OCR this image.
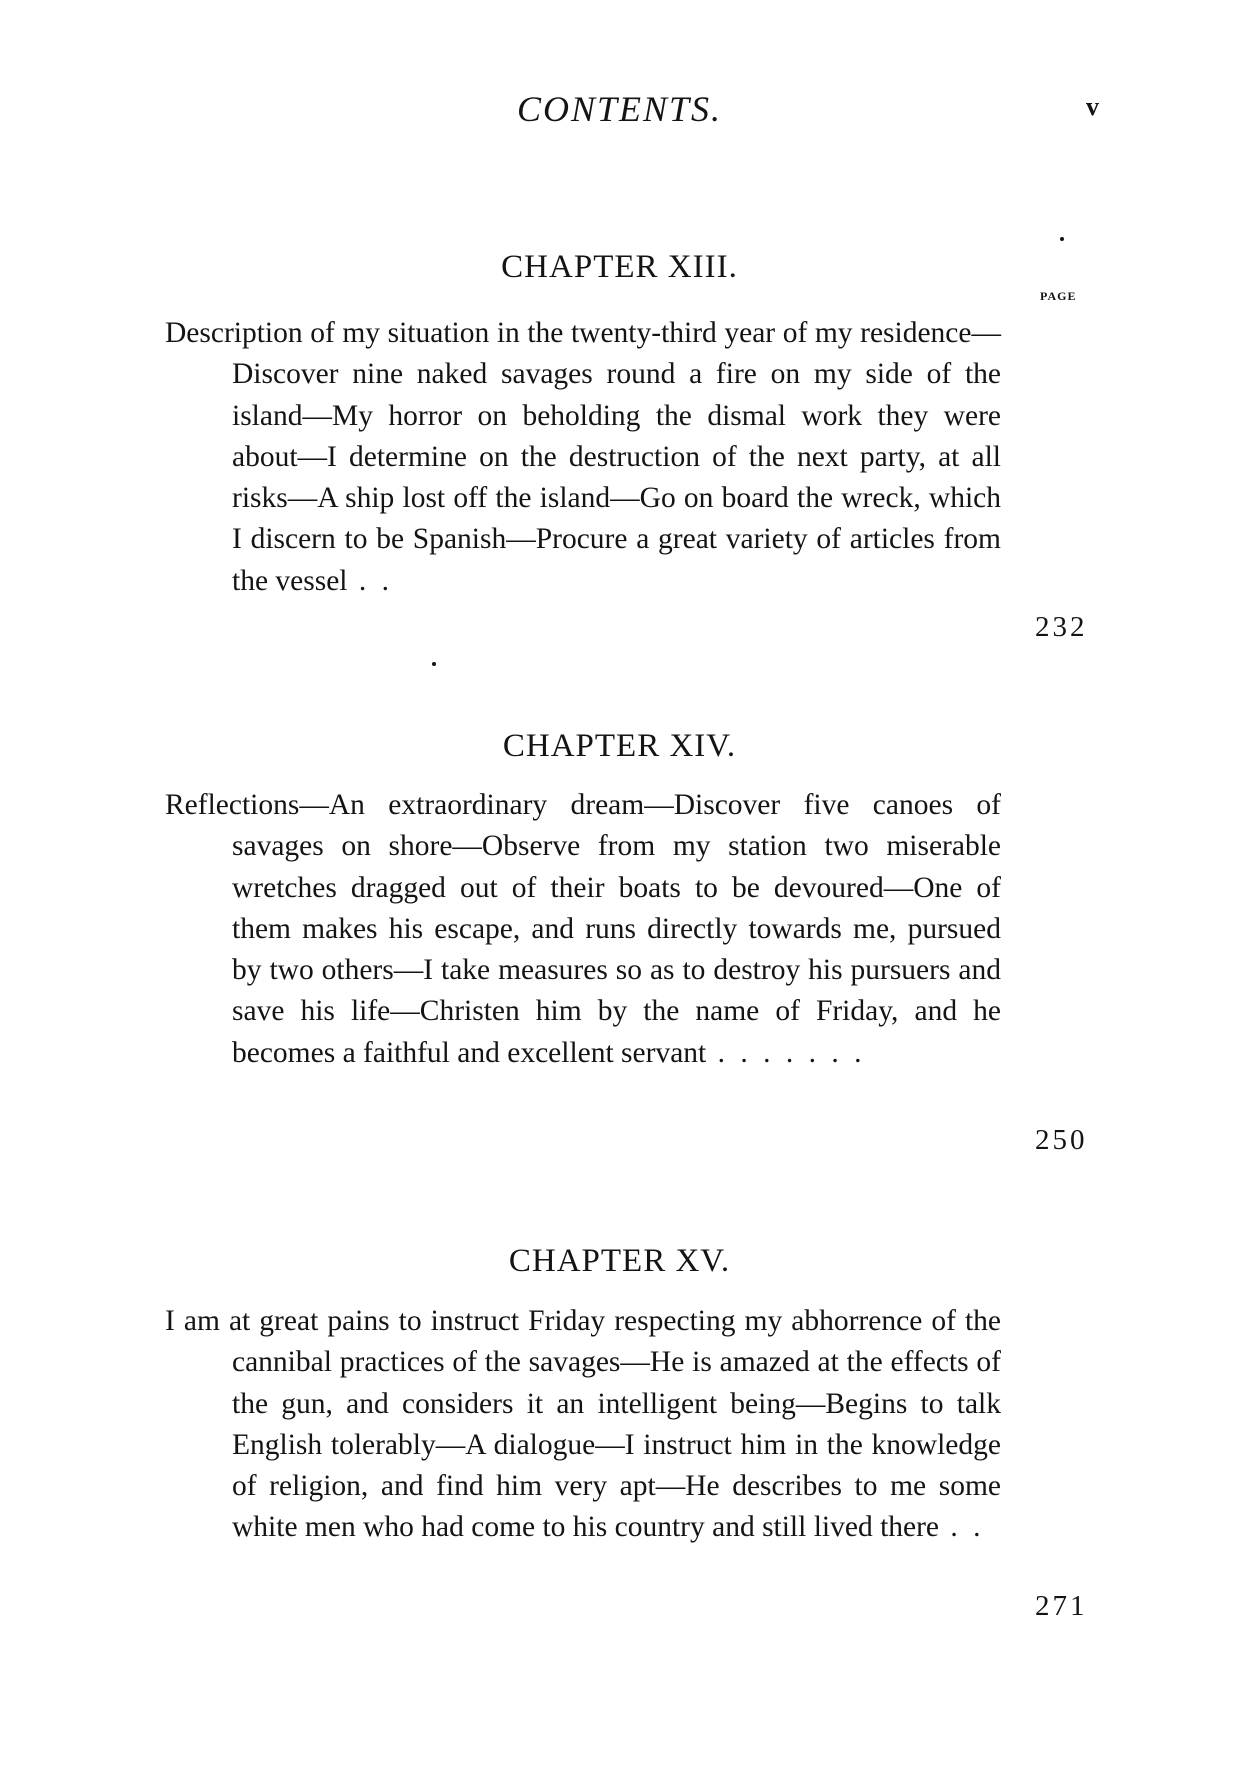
CONTENTS.	v
PAGE
CHAPTER XIII.
Description of my situation in the twenty-third year of my residence—Discover nine naked savages round a fire on my side of the island—My horror on beholding the dismal work they were about—I determine on the destruction of the next party, at all risks—A ship lost off the island—Go on board the wreck, which I discern to be Spanish—Procure a great variety of articles from the vessel . .
232
CHAPTER XIV.
Reflections—An extraordinary dream—Discover five canoes of savages on shore—Observe from my station two miserable wretches dragged out of their boats to be devoured—One of them makes his escape, and runs directly towards me, pursued by two others—I take measures so as to destroy his pursuers and save his life—Christen him by the name of Friday, and he becomes a faithful and excellent servant . . . . . . .
250
CHAPTER XV.
I am at great pains to instruct Friday respecting my abhorrence of the cannibal practices of the savages—He is amazed at the effects of the gun, and considers it an intelligent being—Begins to talk English tolerably—A dialogue—I instruct him in the knowledge of religion, and find him very apt—He describes to me some white men who had come to his country and still lived there . .
271
